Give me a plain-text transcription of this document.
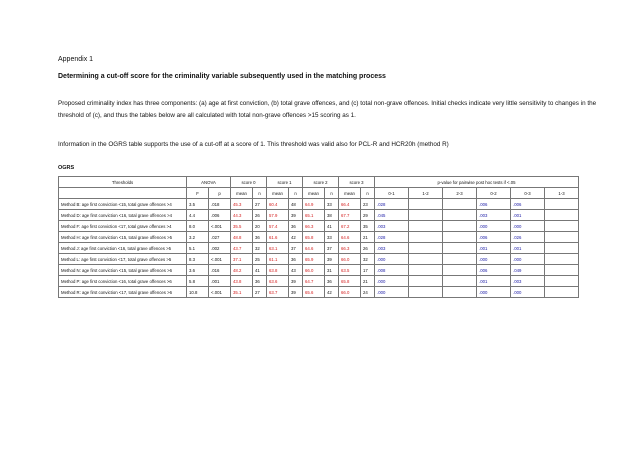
Appendix 1
Determining a cut-off score for the criminality variable subsequently used in the matching process
Proposed criminality index has three components: (a) age at first conviction, (b) total grave offences, and (c) total non-grave offences. Initial checks indicate very little sensitivity to changes in the threshold of (c), and thus the tables below are all calculated with total non-grave offences >15 scoring as 1.
Information in the OGRS table supports the use of a cut-off at a score of 1. This threshold was valid also for PCL-R and HCR20h (method R)
OGRS
Thresholds	ANOVA		score 0		score 1		score 2		score 3		p-value for pairwise post hoc tests if <.05					
	F	p	mean	n	mean	n	mean	n	mean	n	0-1	1-2	2-3	0-2	0-3	1-3
Method B: age first conviction <15, total grave offences >4	3.5	.018	45.3	27	60.4	48	64.9	33	66.4	23	.028			.006	.006	
Method D: age first conviction <16, total grave offences >4	4.4	.006	44.3	26	57.9	39	65.1	38	67.7	29	.045			.003	.001	
Method F: age first conviction <17, total grave offences >4	8.0	<.001	35.5	20	57.4	36	66.3	41	67.2	35	.003			.000	.000	
Method H: age first conviction <15, total grave offences >5	3.2	.027	48.8	36	61.6	42	65.8	33	64.6	21	.028			.006	.026	
Method J: age first conviction <16, total grave offences >5	5.1	.002	43.7	32	63.1	37	64.6	37	66.3	26	.003			.001	.001	
Method L: age first conviction <17, total grave offences >5	8.3	<.001	37.1	25	61.1	36	65.9	39	66.0	32	.000			.000	.000	
Method N: age first conviction <15, total grave offences >6	3.6	.016	48.2	41	63.8	43	66.0	31	63.5	17	.008			.006	.049	
Method P: age first conviction <16, total grave offences >6	5.8	.001	43.8	36	63.6	39	64.7	36	65.8	21	.000			.001	.003	
Method R: age first conviction <17, total grave offences >6	10.8	<.001	35.1	27	63.7	39	65.6	42	66.0	24	.000			.000	.000	
